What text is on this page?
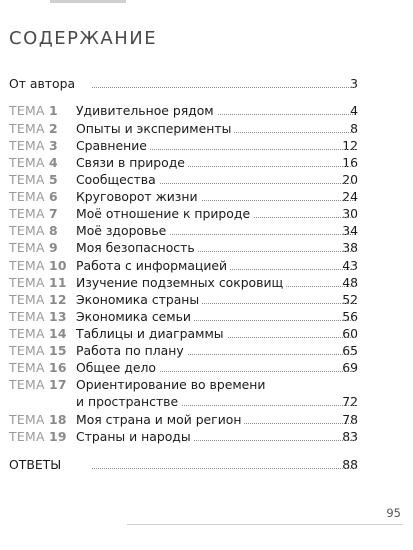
СОДЕРЖАНИЕ
От автора	3
ТЕМА 1 Удивительное рядом	4
ТЕМА 2 Опыты и эксперименты	8
ТЕМА 3 Сравнение	12
ТЕМА 4 Связи в природе	16
ТЕМА 5 Сообщества	20
ТЕМА 6 Круговорот жизни	24
ТЕМА 7 Моё отношение к природе	30
ТЕМА 8 Моё здоровье	34
ТЕМА 9 Моя безопасность	38
ТЕМА 10 Работа с информацией	43
ТЕМА 11 Изучение подземных сокровищ	48
ТЕМА 12 Экономика страны	52
ТЕМА 13 Экономика семьи	56
ТЕМА 14 Таблицы и диаграммы	60
ТЕМА 15 Работа по плану	65
ТЕМА 16 Общее дело	69
ТЕМА 17 Ориентирование во времени
и пространстве	72
ТЕМА 18 Моя страна и мой регион	78
ТЕМА 19 Страны и народы	83
ОТВЕТЫ	88
95
